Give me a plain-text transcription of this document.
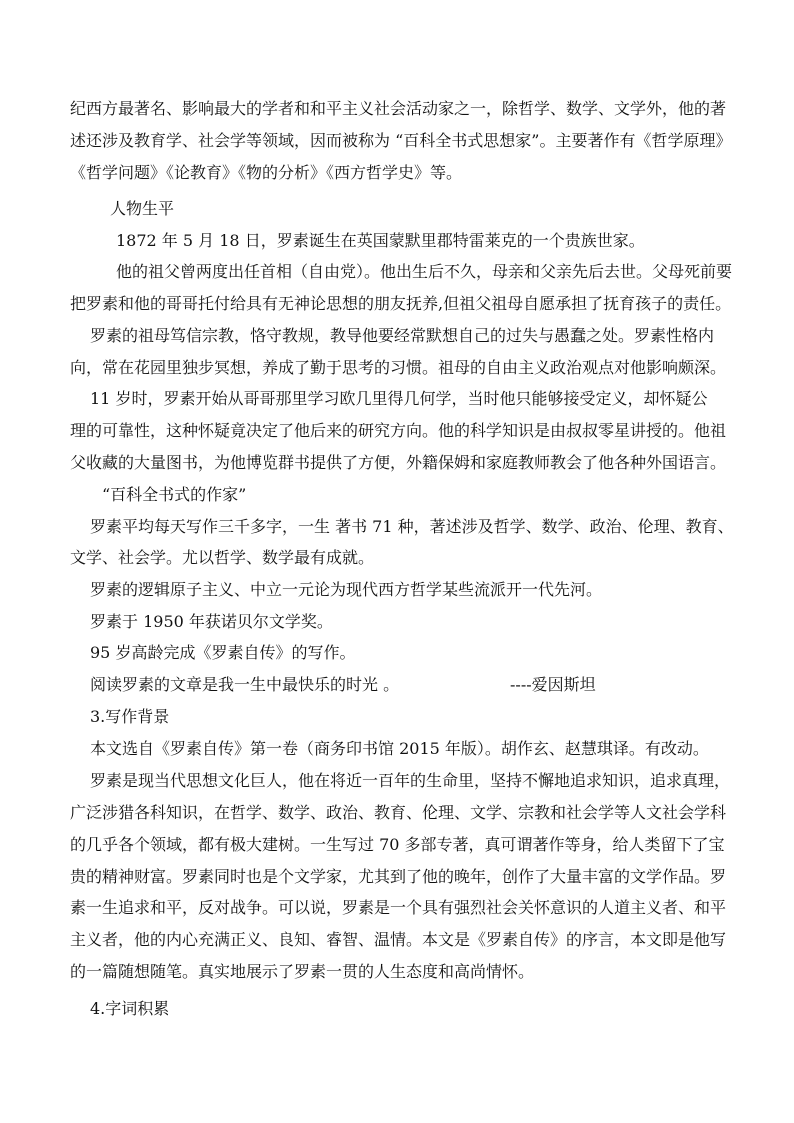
纪西方最著名、影响最大的学者和和平主义社会活动家之一，除哲学、数学、文学外，他的著
述还涉及教育学、社会学等领域，因而被称为 “百科全书式思想家”。主要著作有《哲学原理》
《哲学问题》《论教育》《物的分析》《西方哲学史》等。
人物生平
1872 年 5 月 18 日，罗素诞生在英国蒙默里郡特雷莱克的一个贵族世家。
他的祖父曾两度出任首相（自由党）。他出生后不久，母亲和父亲先后去世。父母死前要
把罗素和他的哥哥托付给具有无神论思想的朋友抚养,但祖父祖母自愿承担了抚育孩子的责任。
罗素的祖母笃信宗教，恪守教规，教导他要经常默想自己的过失与愚蠢之处。罗素性格内
向，常在花园里独步冥想，养成了勤于思考的习惯。祖母的自由主义政治观点对他影响颇深。
11 岁时，罗素开始从哥哥那里学习欧几里得几何学，当时他只能够接受定义，却怀疑公
理的可靠性，这种怀疑竟决定了他后来的研究方向。他的科学知识是由叔叔零星讲授的。他祖
父收藏的大量图书，为他博览群书提供了方便，外籍保姆和家庭教师教会了他各种外国语言。
“百科全书式的作家”
罗素平均每天写作三千多字，一生 著书 71 种，著述涉及哲学、数学、政治、伦理、教育、
文学、社会学。尤以哲学、数学最有成就。
罗素的逻辑原子主义、中立一元论为现代西方哲学某些流派开一代先河。
罗素于 1950 年获诺贝尔文学奖。
95 岁高龄完成《罗素自传》的写作。
阅读罗素的文章是我一生中最快乐的时光 。	----爱因斯坦
3.写作背景
本文选自《罗素自传》第一卷（商务印书馆 2015 年版）。胡作玄、赵慧琪译。有改动。
罗素是现当代思想文化巨人，他在将近一百年的生命里，坚持不懈地追求知识，追求真理，
广泛涉猎各科知识，在哲学、数学、政治、教育、伦理、文学、宗教和社会学等人文社会学科
的几乎各个领域，都有极大建树。一生写过 70 多部专著，真可谓著作等身，给人类留下了宝
贵的精神财富。罗素同时也是个文学家，尤其到了他的晚年，创作了大量丰富的文学作品。罗
素一生追求和平，反对战争。可以说，罗素是一个具有强烈社会关怀意识的人道主义者、和平
主义者，他的内心充满正义、良知、睿智、温情。本文是《罗素自传》的序言，本文即是他写
的一篇随想随笔。真实地展示了罗素一贯的人生态度和高尚情怀。
4.字词积累
